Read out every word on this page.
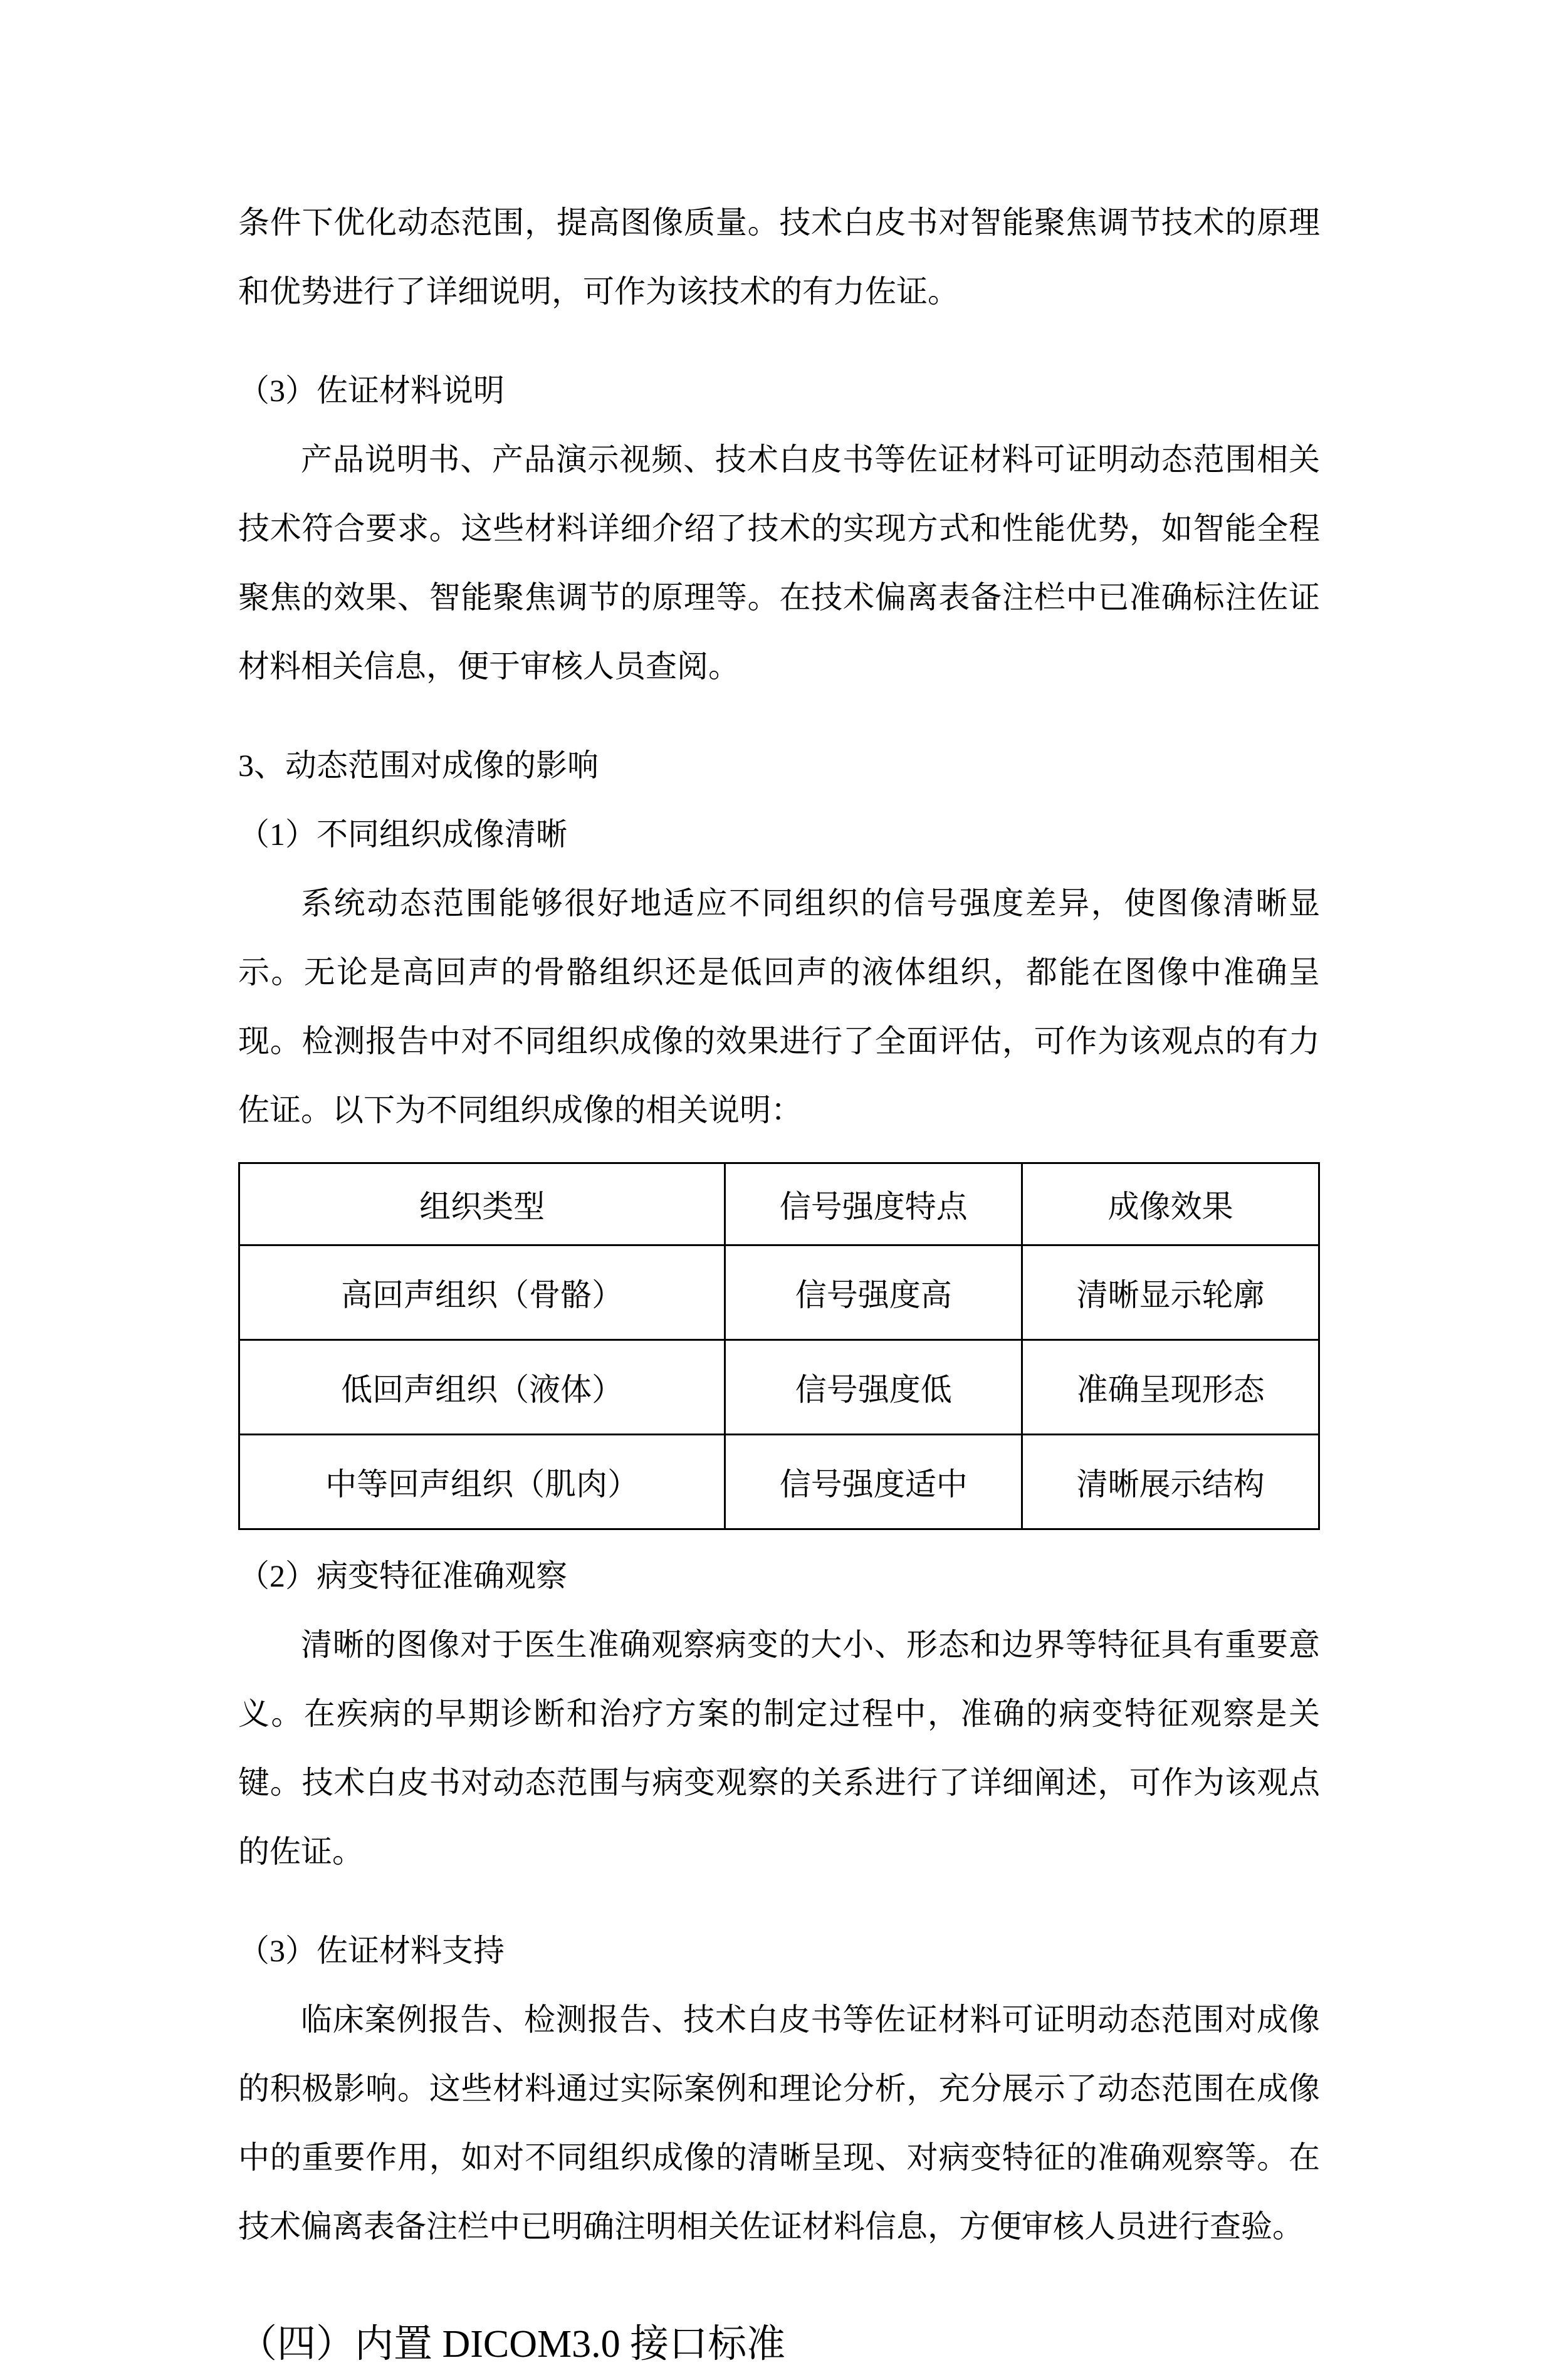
条件下优化动态范围，提高图像质量。技术白皮书对智能聚焦调节技术的原理和优势进行了详细说明，可作为该技术的有力佐证。

（3）佐证材料说明

产品说明书、产品演示视频、技术白皮书等佐证材料可证明动态范围相关技术符合要求。这些材料详细介绍了技术的实现方式和性能优势，如智能全程聚焦的效果、智能聚焦调节的原理等。在技术偏离表备注栏中已准确标注佐证材料相关信息，便于审核人员查阅。

3、动态范围对成像的影响

（1）不同组织成像清晰

系统动态范围能够很好地适应不同组织的信号强度差异，使图像清晰显示。无论是高回声的骨骼组织还是低回声的液体组织，都能在图像中准确呈现。检测报告中对不同组织成像的效果进行了全面评估，可作为该观点的有力佐证。以下为不同组织成像的相关说明：

组织类型	信号强度特点	成像效果
高回声组织（骨骼）	信号强度高	清晰显示轮廓
低回声组织（液体）	信号强度低	准确呈现形态
中等回声组织（肌肉）	信号强度适中	清晰展示结构

（2）病变特征准确观察

清晰的图像对于医生准确观察病变的大小、形态和边界等特征具有重要意义。在疾病的早期诊断和治疗方案的制定过程中，准确的病变特征观察是关键。技术白皮书对动态范围与病变观察的关系进行了详细阐述，可作为该观点的佐证。

（3）佐证材料支持

临床案例报告、检测报告、技术白皮书等佐证材料可证明动态范围对成像的积极影响。这些材料通过实际案例和理论分析，充分展示了动态范围在成像中的重要作用，如对不同组织成像的清晰呈现、对病变特征的准确观察等。在技术偏离表备注栏中已明确注明相关佐证材料信息，方便审核人员进行查验。

（四）内置 DICOM3.0 接口标准
